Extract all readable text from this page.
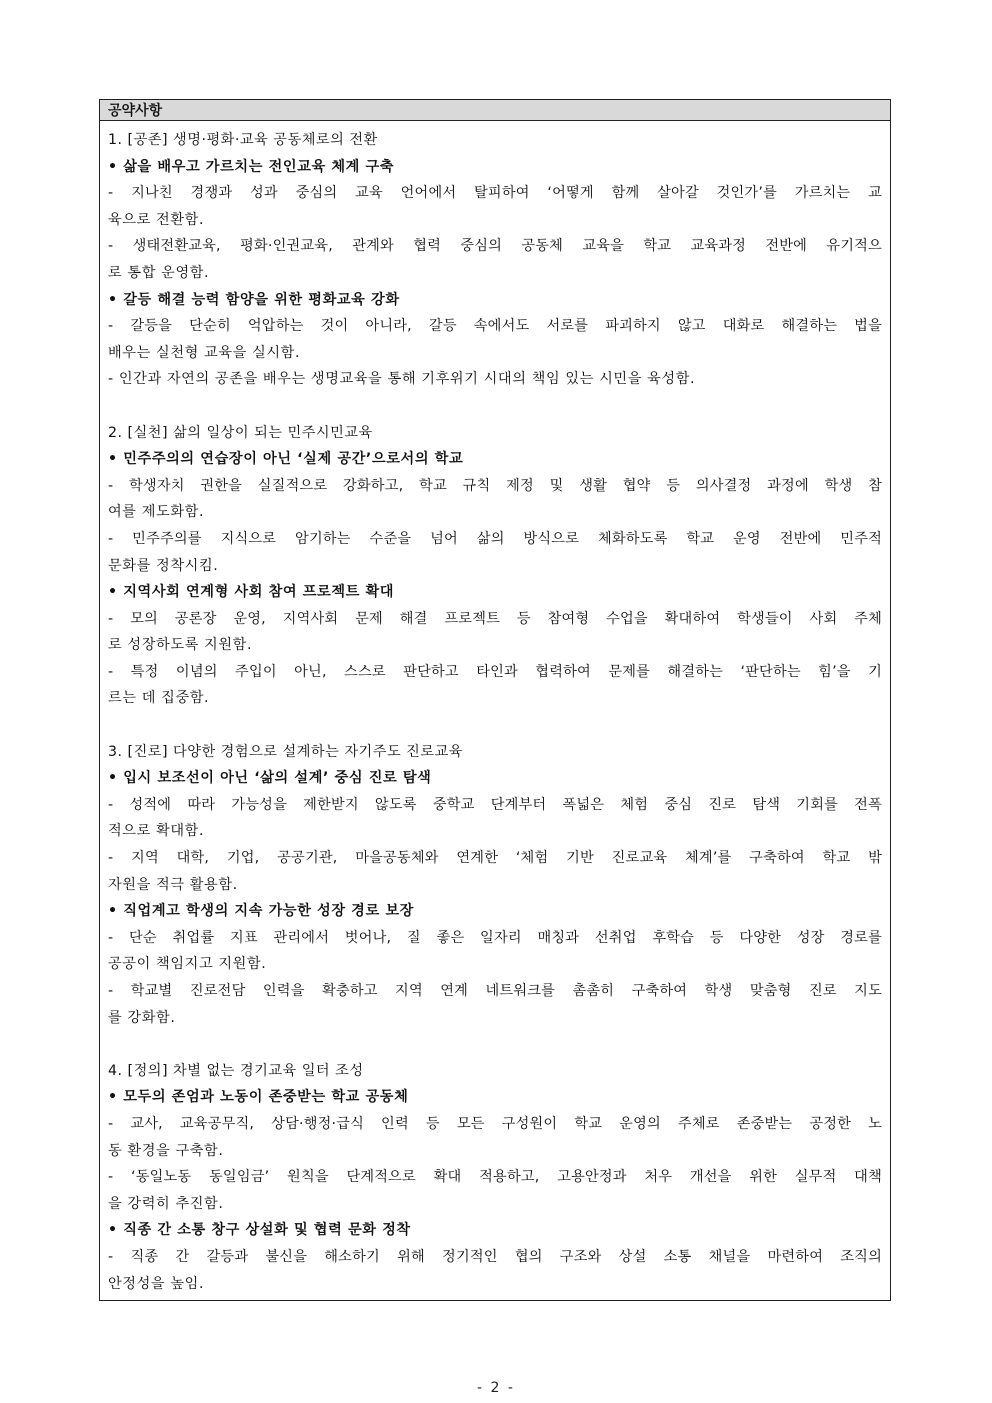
공약사항
1. [공존] 생명·평화·교육 공동체로의 전환
• 삶을 배우고 가르치는 전인교육 체계 구축
- 지나친 경쟁과 성과 중심의 교육 언어에서 탈피하여 ‘어떻게 함께 살아갈 것인가’를 가르치는 교
육으로 전환함.
- 생태전환교육, 평화·인권교육, 관계와 협력 중심의 공동체 교육을 학교 교육과정 전반에 유기적으
로 통합 운영함.
• 갈등 해결 능력 함양을 위한 평화교육 강화
- 갈등을 단순히 억압하는 것이 아니라, 갈등 속에서도 서로를 파괴하지 않고 대화로 해결하는 법을
배우는 실천형 교육을 실시함.
- 인간과 자연의 공존을 배우는 생명교육을 통해 기후위기 시대의 책임 있는 시민을 육성함.
2. [실천] 삶의 일상이 되는 민주시민교육
• 민주주의의 연습장이 아닌 ‘실제 공간’으로서의 학교
- 학생자치 권한을 실질적으로 강화하고, 학교 규칙 제정 및 생활 협약 등 의사결정 과정에 학생 참
여를 제도화함.
- 민주주의를 지식으로 암기하는 수준을 넘어 삶의 방식으로 체화하도록 학교 운영 전반에 민주적
문화를 정착시킴.
• 지역사회 연계형 사회 참여 프로젝트 확대
- 모의 공론장 운영, 지역사회 문제 해결 프로젝트 등 참여형 수업을 확대하여 학생들이 사회 주체
로 성장하도록 지원함.
- 특정 이념의 주입이 아닌, 스스로 판단하고 타인과 협력하여 문제를 해결하는 ‘판단하는 힘’을 기
르는 데 집중함.
3. [진로] 다양한 경험으로 설계하는 자기주도 진로교육
• 입시 보조선이 아닌 ‘삶의 설계’ 중심 진로 탐색
- 성적에 따라 가능성을 제한받지 않도록 중학교 단계부터 폭넓은 체험 중심 진로 탐색 기회를 전폭
적으로 확대함.
- 지역 대학, 기업, 공공기관, 마을공동체와 연계한 ‘체험 기반 진로교육 체계’를 구축하여 학교 밖
자원을 적극 활용함.
• 직업계고 학생의 지속 가능한 성장 경로 보장
- 단순 취업률 지표 관리에서 벗어나, 질 좋은 일자리 매칭과 선취업 후학습 등 다양한 성장 경로를
공공이 책임지고 지원함.
- 학교별 진로전담 인력을 확충하고 지역 연계 네트워크를 촘촘히 구축하여 학생 맞춤형 진로 지도
를 강화함.
4. [정의] 차별 없는 경기교육 일터 조성
• 모두의 존엄과 노동이 존중받는 학교 공동체
- 교사, 교육공무직, 상담·행정·급식 인력 등 모든 구성원이 학교 운영의 주체로 존중받는 공정한 노
동 환경을 구축함.
- ‘동일노동 동일임금’ 원칙을 단계적으로 확대 적용하고, 고용안정과 처우 개선을 위한 실무적 대책
을 강력히 추진함.
• 직종 간 소통 창구 상설화 및 협력 문화 정착
- 직종 간 갈등과 불신을 해소하기 위해 정기적인 협의 구조와 상설 소통 채널을 마련하여 조직의
안정성을 높임.
- 2 -
